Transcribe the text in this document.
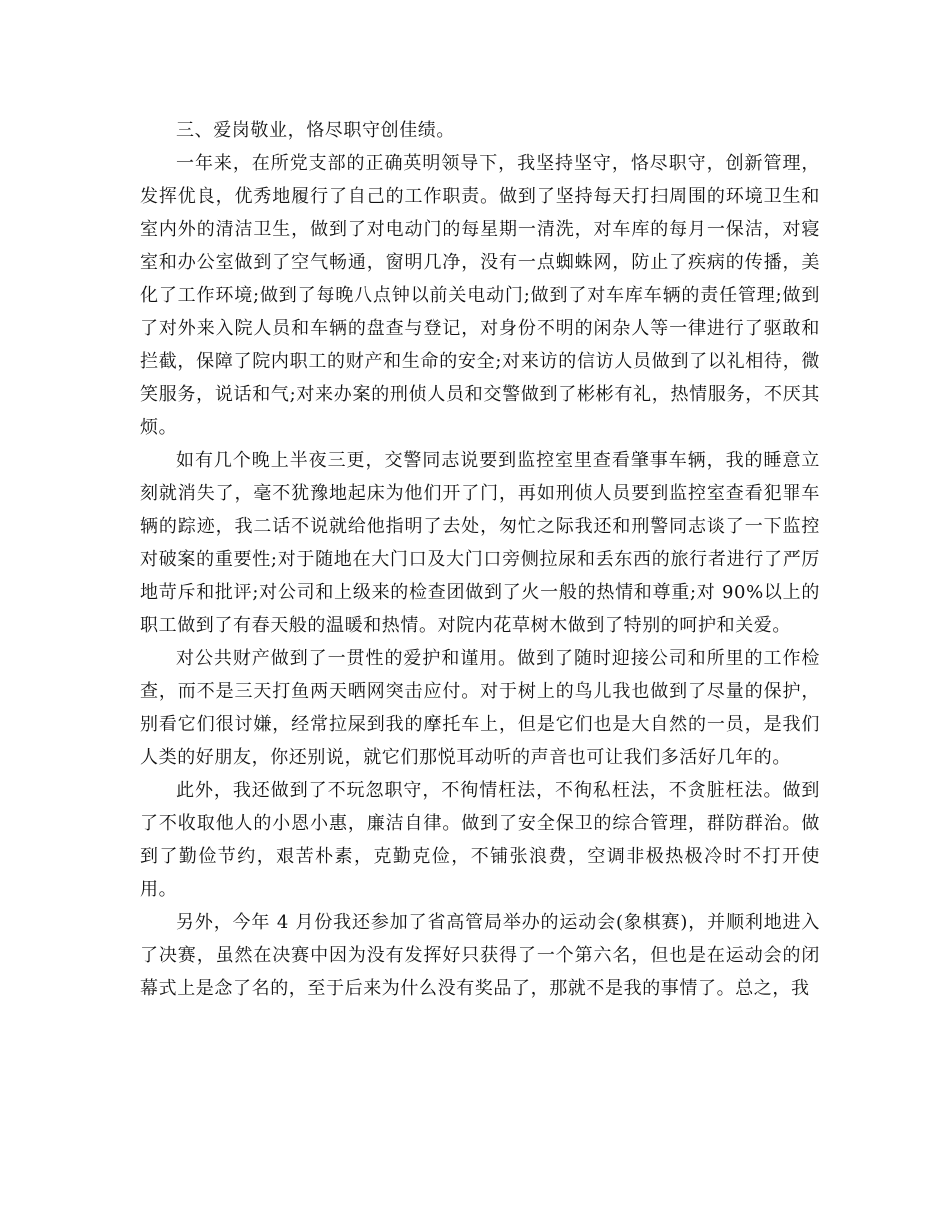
三、爱岗敬业，恪尽职守创佳绩。

一年来，在所党支部的正确英明领导下，我坚持坚守，恪尽职守，创新管理，发挥优良，优秀地履行了自己的工作职责。做到了坚持每天打扫周围的环境卫生和室内外的清洁卫生，做到了对电动门的每星期一清洗，对车库的每月一保洁，对寝室和办公室做到了空气畅通，窗明几净，没有一点蜘蛛网，防止了疾病的传播，美化了工作环境;做到了每晚八点钟以前关电动门;做到了对车库车辆的责任管理;做到了对外来入院人员和车辆的盘查与登记，对身份不明的闲杂人等一律进行了驱敢和拦截，保障了院内职工的财产和生命的安全;对来访的信访人员做到了以礼相待，微笑服务，说话和气;对来办案的刑侦人员和交警做到了彬彬有礼，热情服务，不厌其烦。

如有几个晚上半夜三更，交警同志说要到监控室里查看肇事车辆，我的睡意立刻就消失了，毫不犹豫地起床为他们开了门，再如刑侦人员要到监控室查看犯罪车辆的踪迹，我二话不说就给他指明了去处，匆忙之际我还和刑警同志谈了一下监控对破案的重要性;对于随地在大门口及大门口旁侧拉尿和丢东西的旅行者进行了严厉地苛斥和批评;对公司和上级来的检查团做到了火一般的热情和尊重;对 90%以上的职工做到了有春天般的温暖和热情。对院内花草树木做到了特别的呵护和关爱。

对公共财产做到了一贯性的爱护和谨用。做到了随时迎接公司和所里的工作检查，而不是三天打鱼两天晒网突击应付。对于树上的鸟儿我也做到了尽量的保护，别看它们很讨嫌，经常拉屎到我的摩托车上，但是它们也是大自然的一员，是我们人类的好朋友，你还别说，就它们那悦耳动听的声音也可让我们多活好几年的。

此外，我还做到了不玩忽职守，不徇情枉法，不徇私枉法，不贪脏枉法。做到了不收取他人的小恩小惠，廉洁自律。做到了安全保卫的综合管理，群防群治。做到了勤俭节约，艰苦朴素，克勤克俭，不铺张浪费，空调非极热极冷时不打开使用。

另外，今年 4 月份我还参加了省高管局举办的运动会(象棋赛)，并顺利地进入了决赛，虽然在决赛中因为没有发挥好只获得了一个第六名，但也是在运动会的闭幕式上是念了名的，至于后来为什么没有奖品了，那就不是我的事情了。总之，我
